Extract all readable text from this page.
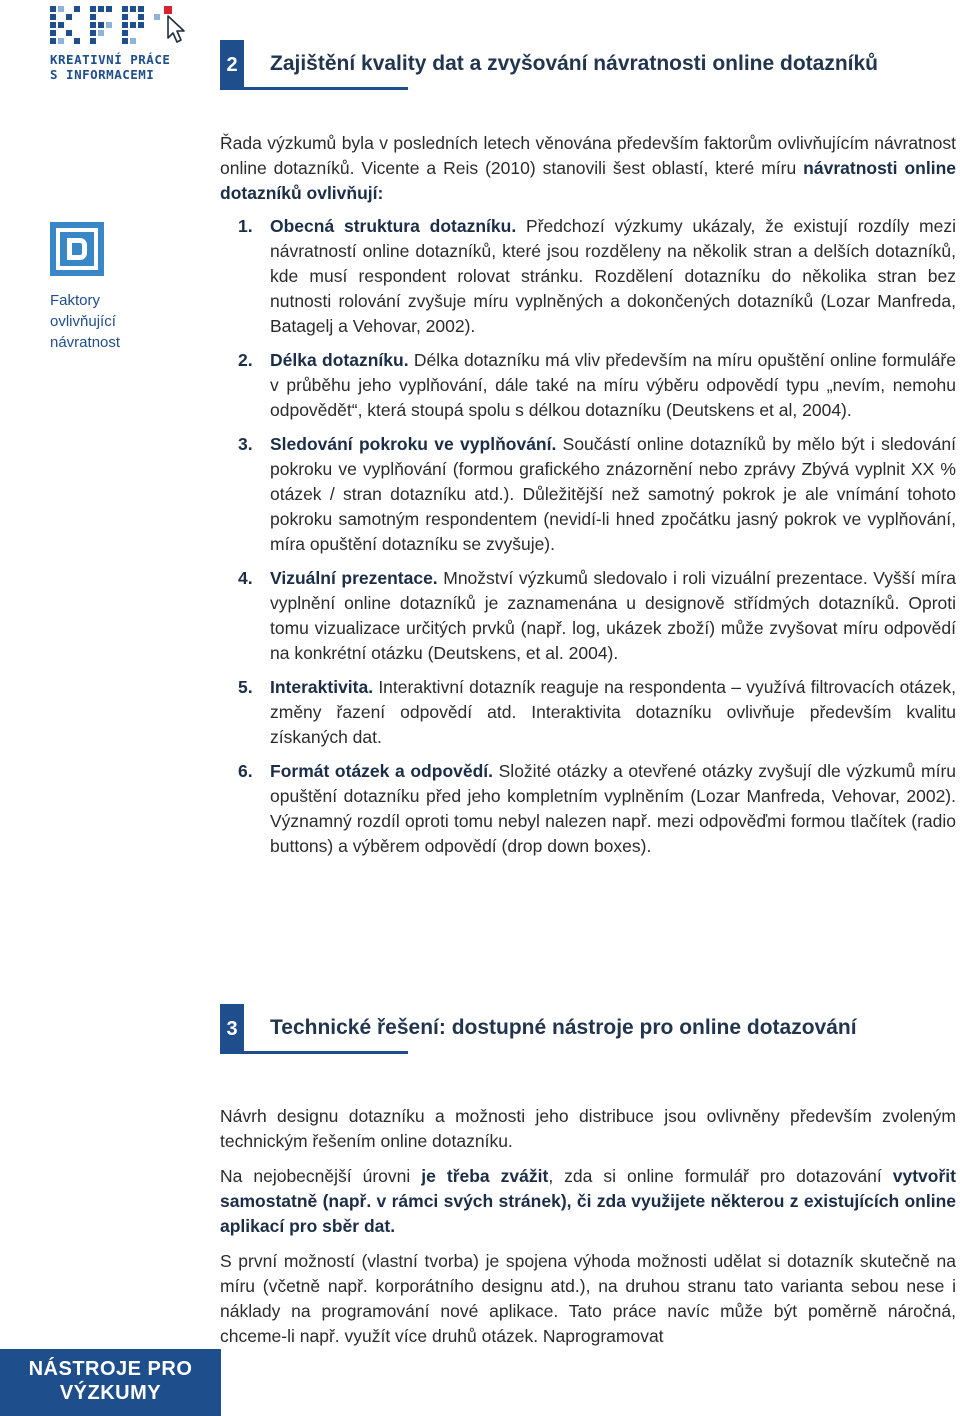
KREATIVNÍ PRÁCE
S INFORMACEMI	2	Zajištění kvality dat a zvyšování návratnosti online dotazníků
Řada výzkumů byla v posledních letech věnována především faktorům ovlivňujícím návratnost online dotazníků. Vicente a Reis (2010) stanovili šest oblastí, které míru návratnosti online dotazníků ovlivňují:
Faktory
ovlivňující
návratnost
1. Obecná struktura dotazníku. Předchozí výzkumy ukázaly, že existují rozdíly mezi návratností online dotazníků, které jsou rozděleny na několik stran a delších dotazníků, kde musí respondent rolovat stránku. Rozdělení dotazníku do několika stran bez nutnosti rolování zvyšuje míru vyplněných a dokončených dotazníků (Lozar Manfreda, Batagelj a Vehovar, 2002).
2. Délka dotazníku. Délka dotazníku má vliv především na míru opuštění online formuláře v průběhu jeho vyplňování, dále také na míru výběru odpovědí typu „nevím, nemohu odpovědět“, která stoupá spolu s délkou dotazníku (Deutskens et al, 2004).
3. Sledování pokroku ve vyplňování. Součástí online dotazníků by mělo být i sledování pokroku ve vyplňování (formou grafického znázornění nebo zprávy Zbývá vyplnit XX % otázek / stran dotazníku atd.). Důležitější než samotný pokrok je ale vnímání tohoto pokroku samotným respondentem (nevidí-li hned zpočátku jasný pokrok ve vyplňování, míra opuštění dotazníku se zvyšuje).
4. Vizuální prezentace. Množství výzkumů sledovalo i roli vizuální prezentace. Vyšší míra vyplnění online dotazníků je zaznamenána u designově střídmých dotazníků. Oproti tomu vizualizace určitých prvků (např. log, ukázek zboží) může zvyšovat míru odpovědí na konkrétní otázku (Deutskens, et al. 2004).
5. Interaktivita. Interaktivní dotazník reaguje na respondenta – využívá filtrovacích otázek, změny řazení odpovědí atd. Interaktivita dotazníku ovlivňuje především kvalitu získaných dat.
6. Formát otázek a odpovědí. Složité otázky a otevřené otázky zvyšují dle výzkumů míru opuštění dotazníku před jeho kompletním vyplněním (Lozar Manfreda, Vehovar, 2002). Významný rozdíl oproti tomu nebyl nalezen např. mezi odpověďmi formou tlačítek (radio buttons) a výběrem odpovědí (drop down boxes).
3	Technické řešení: dostupné nástroje pro online dotazování
Návrh designu dotazníku a možnosti jeho distribuce jsou ovlivněny především zvoleným technickým řešením online dotazníku.
Na nejobecnější úrovni je třeba zvážit, zda si online formulář pro dotazování vytvořit samostatně (např. v rámci svých stránek), či zda využijete některou z existujících online aplikací pro sběr dat.
S první možností (vlastní tvorba) je spojena výhoda možnosti udělat si dotazník skutečně na míru (včetně např. korporátního designu atd.), na druhou stranu tato varianta sebou nese i náklady na programování nové aplikace. Tato práce navíc může být poměrně náročná, chceme-li např. využít více druhů otázek. Naprogramovat
NÁSTROJE PRO
VÝZKUMY
